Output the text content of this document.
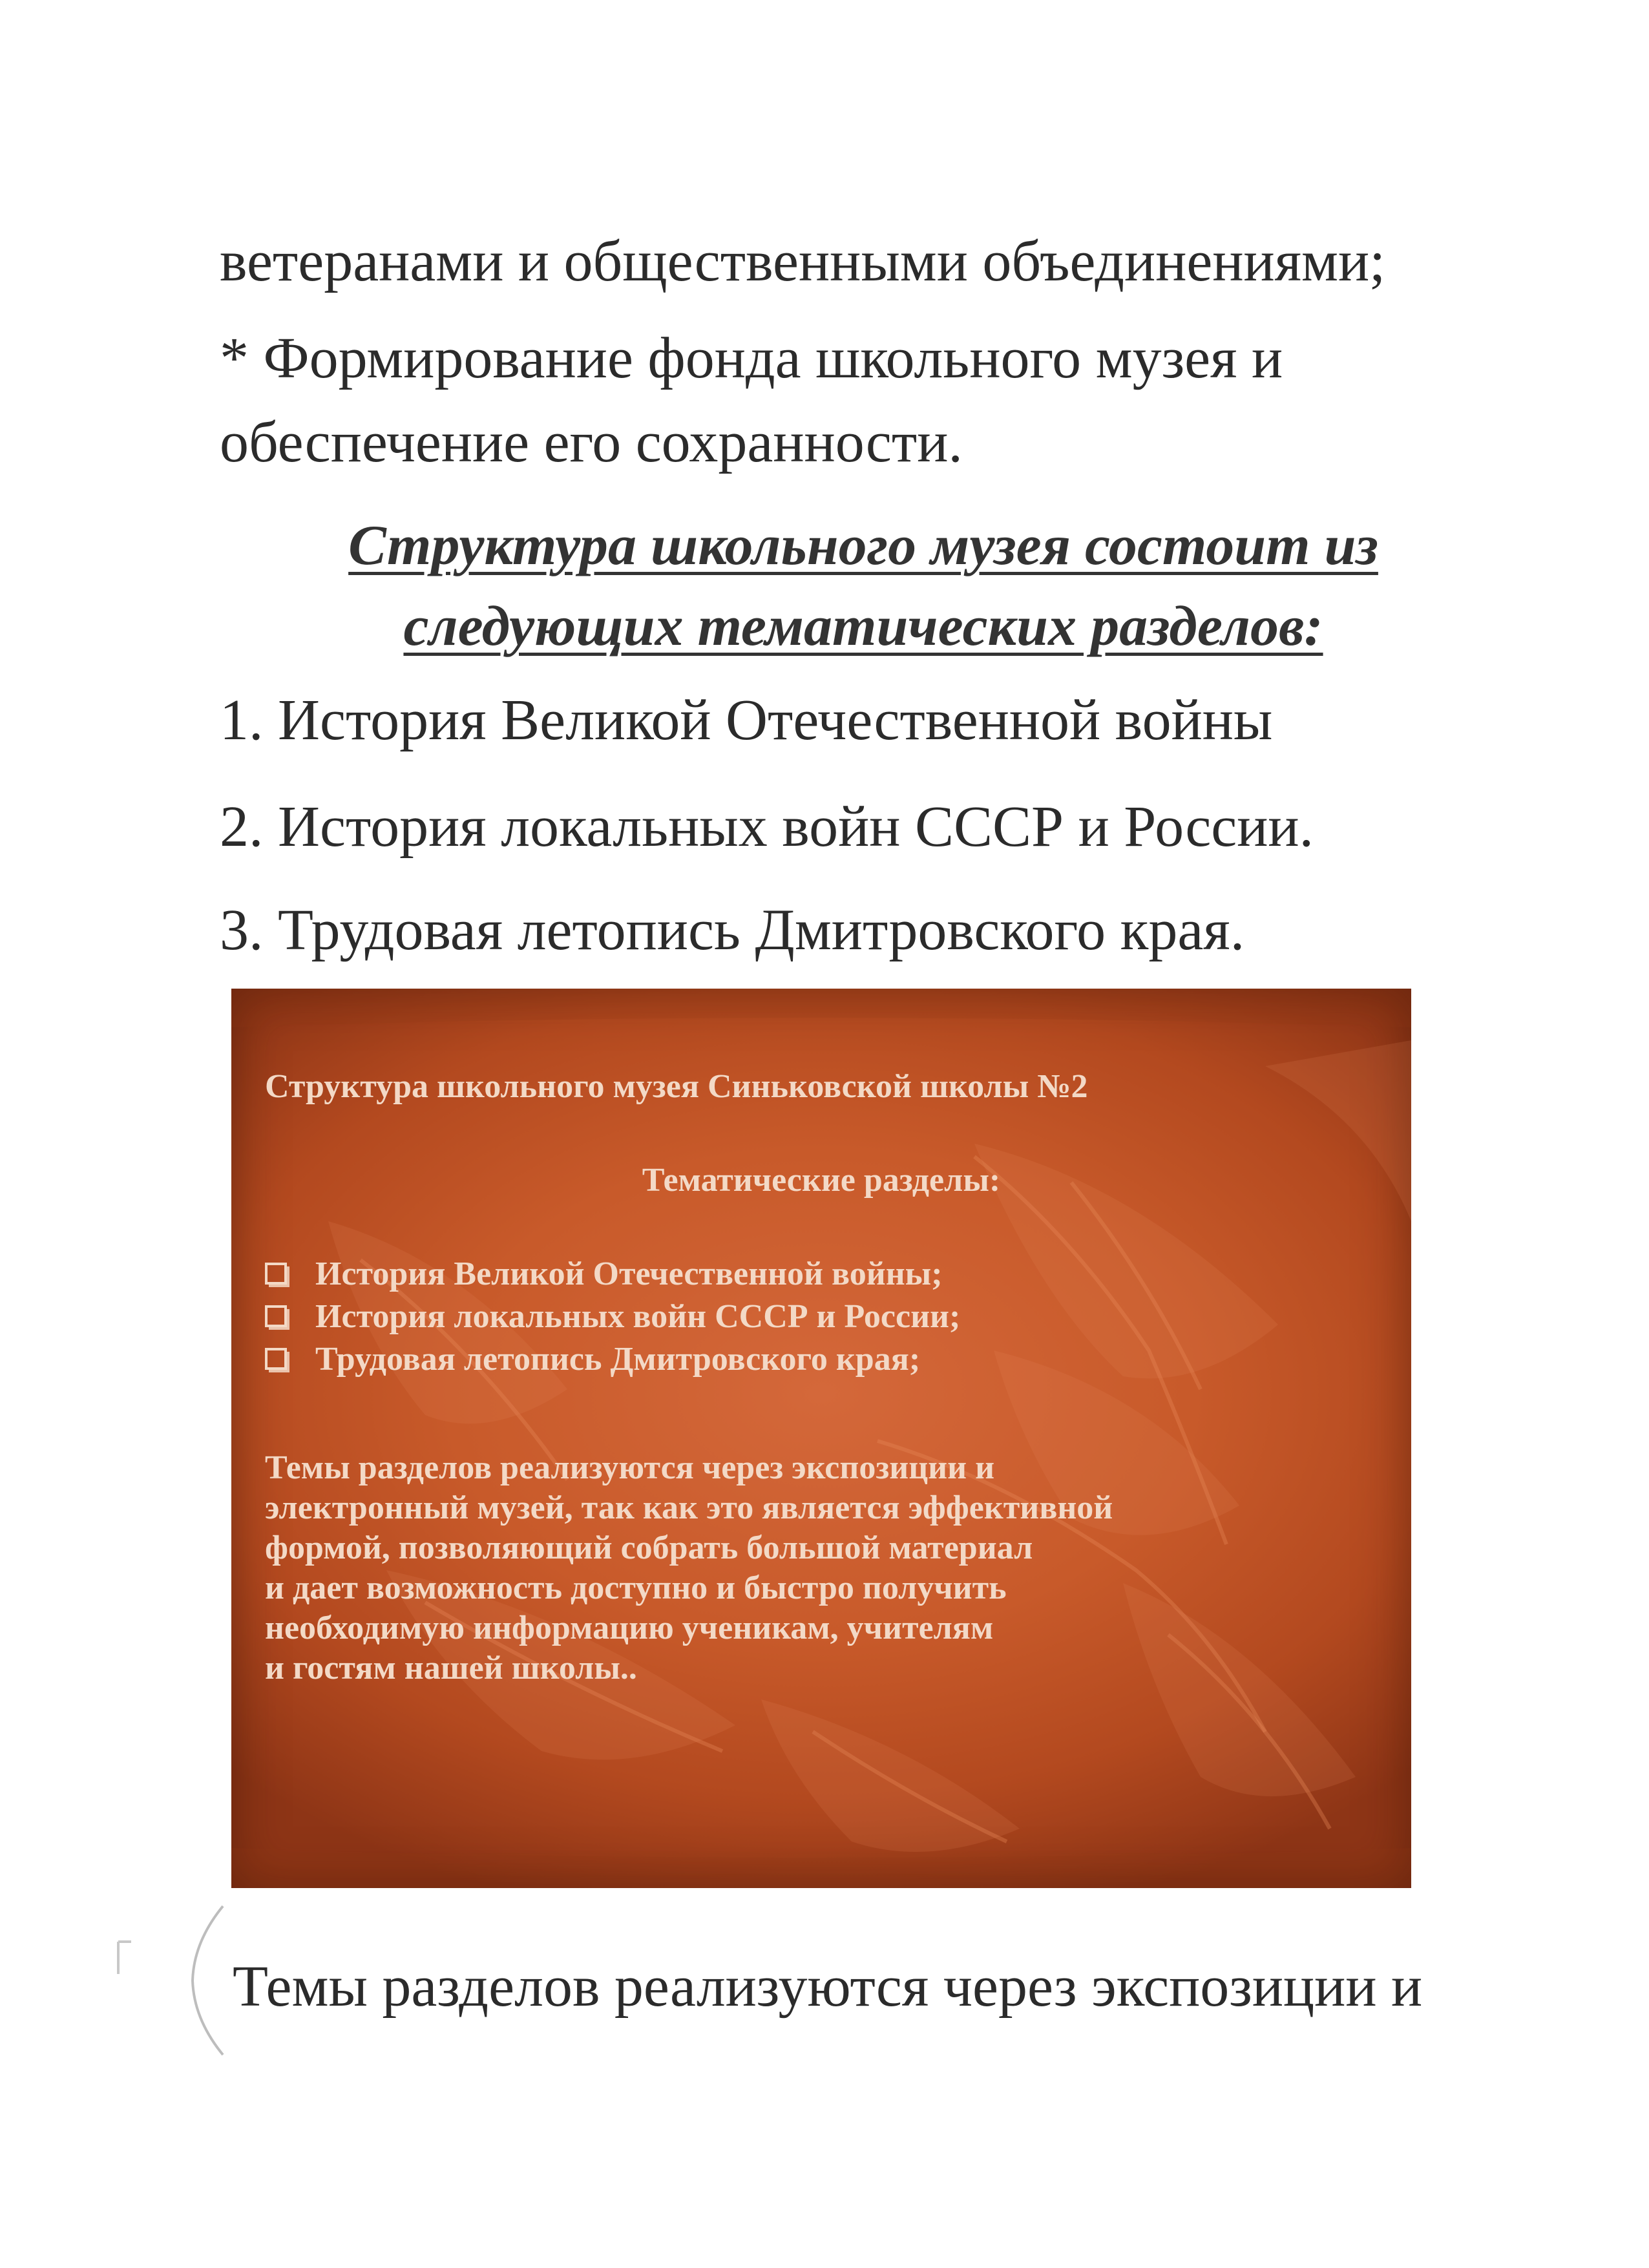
ветеранами и общественными объединениями;
* Формирование фонда школьного музея и
обеспечение его сохранности.
Структура школьного музея состоит из
следующих тематических разделов:
1. История Великой Отечественной войны
2. История локальных войн СССР и России.
3. Трудовая летопись Дмитровского края.
Структура школьного музея Синьковской школы №2
Тематические разделы:
История Великой Отечественной войны;
История локальных войн СССР и России;
Трудовая летопись Дмитровского края;
Темы разделов реализуются через экспозиции и
электронный музей, так как это является эффективной
формой, позволяющий собрать большой материал
и дает возможность доступно и быстро получить
необходимую информацию ученикам, учителям
и гостям нашей школы..
Темы разделов реализуются через экспозиции и
